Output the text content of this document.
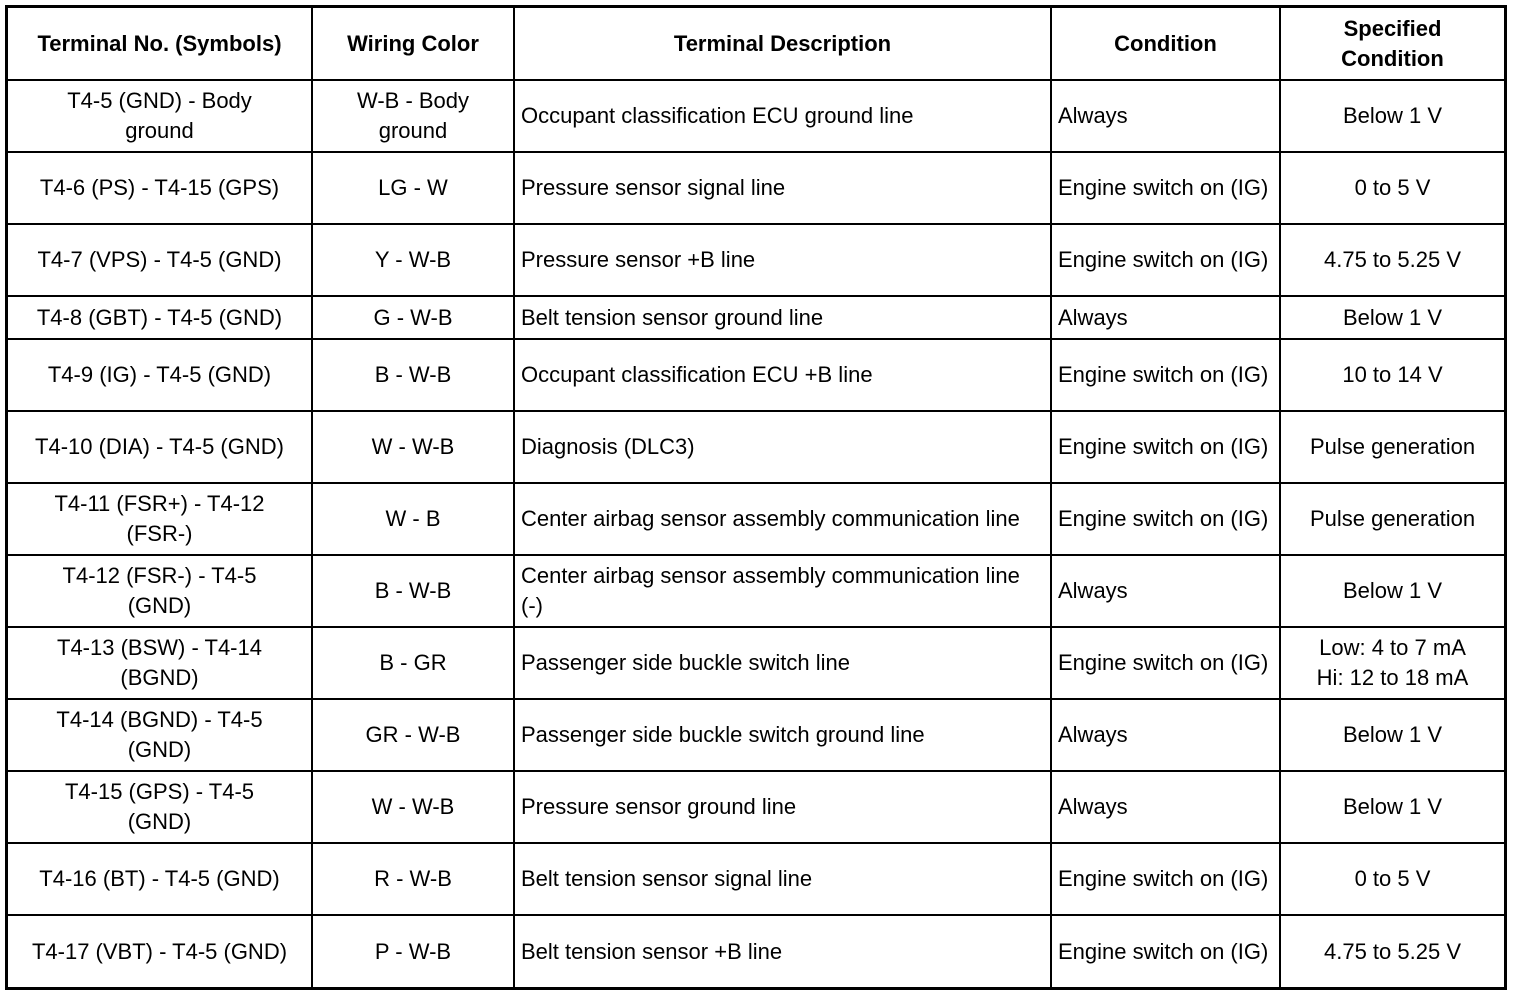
Terminal No. (Symbols)	Wiring Color	Terminal Description	Condition	Specified Condition
T4-5 (GND) - Body ground	W-B - Body ground	Occupant classification ECU ground line	Always	Below 1 V
T4-6 (PS) - T4-15 (GPS)	LG - W	Pressure sensor signal line	Engine switch on (IG)	0 to 5 V
T4-7 (VPS) - T4-5 (GND)	Y - W-B	Pressure sensor +B line	Engine switch on (IG)	4.75 to 5.25 V
T4-8 (GBT) - T4-5 (GND)	G - W-B	Belt tension sensor ground line	Always	Below 1 V
T4-9 (IG) - T4-5 (GND)	B - W-B	Occupant classification ECU +B line	Engine switch on (IG)	10 to 14 V
T4-10 (DIA) - T4-5 (GND)	W - W-B	Diagnosis (DLC3)	Engine switch on (IG)	Pulse generation
T4-11 (FSR+) - T4-12 (FSR-)	W - B	Center airbag sensor assembly communication line	Engine switch on (IG)	Pulse generation
T4-12 (FSR-) - T4-5 (GND)	B - W-B	Center airbag sensor assembly communication line (-)	Always	Below 1 V
T4-13 (BSW) - T4-14 (BGND)	B - GR	Passenger side buckle switch line	Engine switch on (IG)	Low: 4 to 7 mA
Hi: 12 to 18 mA

T4-14 (BGND) - T4-5 (GND)	GR - W-B	Passenger side buckle switch ground line	Always	Below 1 V
T4-15 (GPS) - T4-5 (GND)	W - W-B	Pressure sensor ground line	Always	Below 1 V
T4-16 (BT) - T4-5 (GND)	R - W-B	Belt tension sensor signal line	Engine switch on (IG)	0 to 5 V
T4-17 (VBT) - T4-5 (GND)	P - W-B	Belt tension sensor +B line	Engine switch on (IG)	4.75 to 5.25 V
